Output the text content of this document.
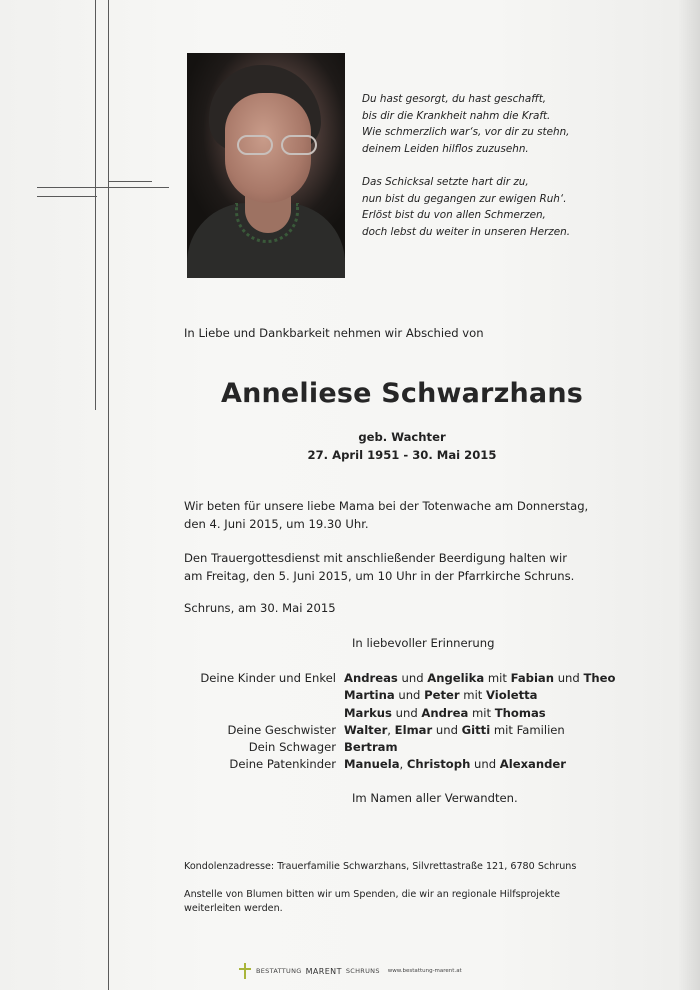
Du hast gesorgt, du hast geschafft,
bis dir die Krankheit nahm die Kraft.
Wie schmerzlich war‘s, vor dir zu stehn,
deinem Leiden hilflos zuzusehn.

Das Schicksal setzte hart dir zu,
nun bist du gegangen zur ewigen Ruh‘.
Erlöst bist du von allen Schmerzen,
doch lebst du weiter in unseren Herzen.

In Liebe und Dankbarkeit nehmen wir Abschied von
Anneliese Schwarzhans
geb. Wachter
27. April 1951 - 30. Mai 2015
Wir beten für unsere liebe Mama bei der Totenwache am Donnerstag,
den 4. Juni 2015, um 19.30 Uhr.
Den Trauergottesdienst mit anschließender Beerdigung halten wir
am Freitag, den 5. Juni 2015, um 10 Uhr in der Pfarrkirche Schruns.
Schruns, am 30. Mai 2015
In liebevoller Erinnerung
Deine Kinder und Enkel Andreas und Angelika mit Fabian und Theo
Martina und Peter mit Violetta
Markus und Andrea mit Thomas
Deine Geschwister Walter, Elmar und Gitti mit Familien
Dein Schwager Bertram
Deine Patenkinder Manuela, Christoph und Alexander
Im Namen aller Verwandten.
Kondolenzadresse: Trauerfamilie Schwarzhans, Silvrettastraße 121, 6780 Schruns
Anstelle von Blumen bitten wir um Spenden, die wir an regionale Hilfsprojekte
weiterleiten werden.
BESTATTUNG MARENT SCHRUNS www.bestattung-marent.at
